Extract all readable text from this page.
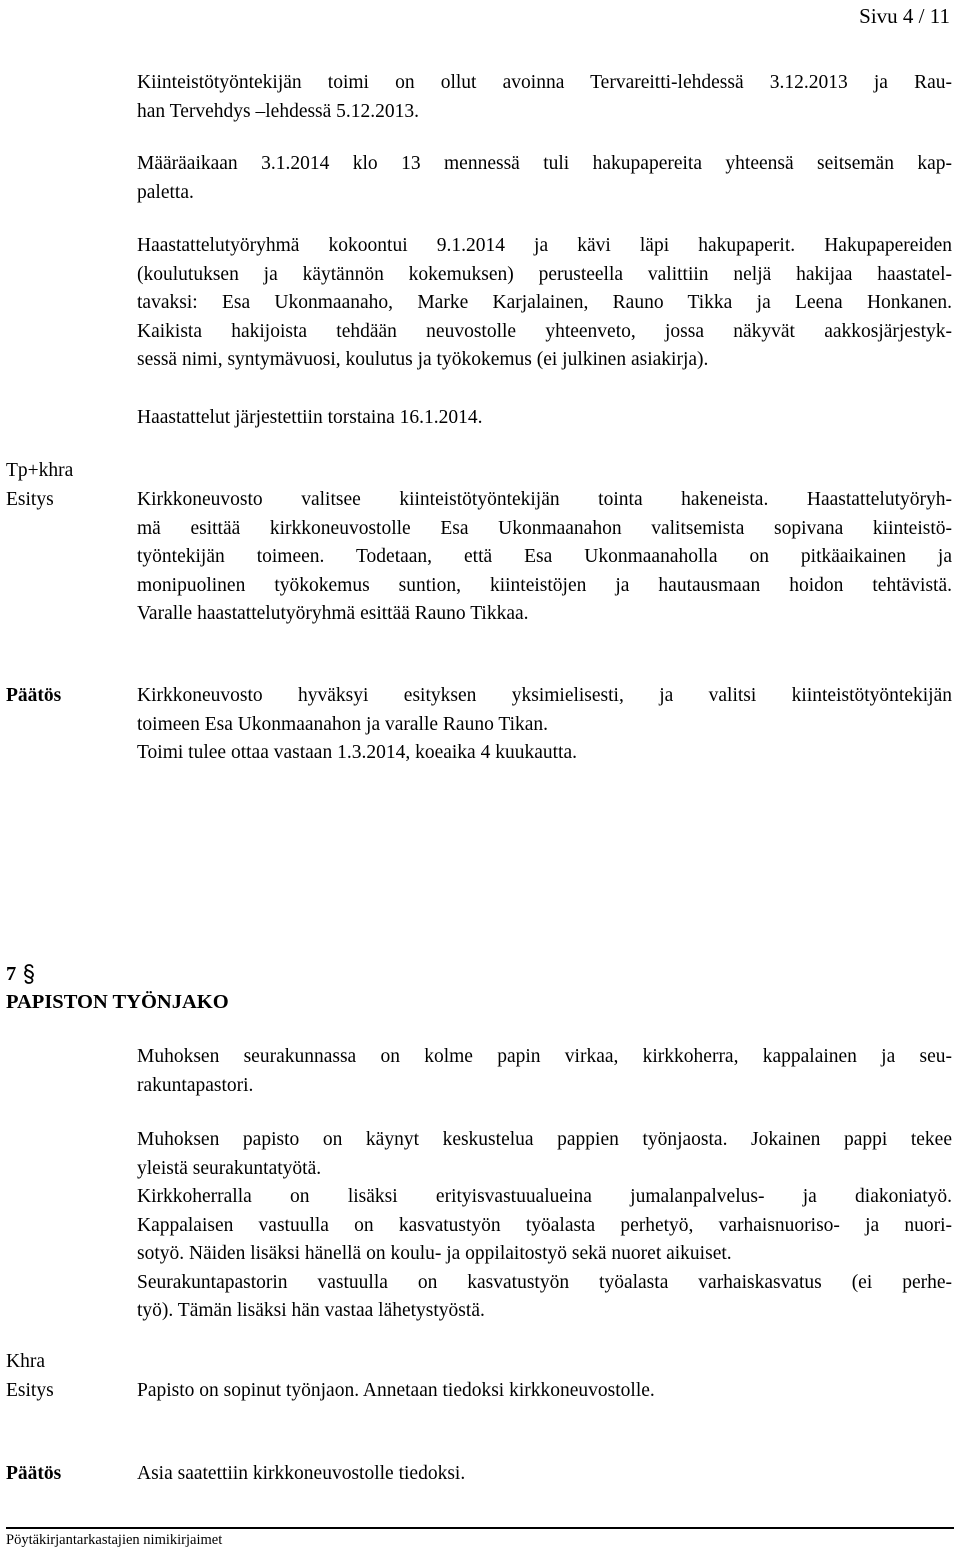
Sivu 4 / 11
Kiinteistötyöntekijän toimi on ollut avoinna Tervareitti-lehdessä 3.12.2013 ja Rau-
han Tervehdys –lehdessä 5.12.2013.
Määräaikaan 3.1.2014 klo 13 mennessä tuli hakupapereita yhteensä seitsemän kap-
paletta.
Haastattelutyöryhmä kokoontui 9.1.2014 ja kävi läpi hakupaperit. Hakupapereiden
(koulutuksen ja käytännön kokemuksen) perusteella valittiin neljä hakijaa haastatel-
tavaksi: Esa Ukonmaanaho, Marke Karjalainen, Rauno Tikka ja Leena Honkanen.
Kaikista hakijoista tehdään neuvostolle yhteenveto, jossa näkyvät aakkosjärjestyk-
sessä nimi, syntymävuosi, koulutus ja työkokemus (ei julkinen asiakirja).
Haastattelut järjestettiin torstaina 16.1.2014.
Tp+khra
Esitys	Kirkkoneuvosto valitsee kiinteistötyöntekijän tointa hakeneista. Haastattelutyöryh-
mä esittää kirkkoneuvostolle Esa Ukonmaanahon valitsemista sopivana kiinteistö-
työntekijän toimeen. Todetaan, että Esa Ukonmaanaholla on pitkäaikainen ja
monipuolinen työkokemus suntion, kiinteistöjen ja hautausmaan hoidon tehtävistä.
Varalle haastattelutyöryhmä esittää Rauno Tikkaa.
Päätös	Kirkkoneuvosto hyväksyi esityksen yksimielisesti, ja valitsi kiinteistötyöntekijän
toimeen Esa Ukonmaanahon ja varalle Rauno Tikan.
Toimi tulee ottaa vastaan 1.3.2014, koeaika 4 kuukautta.
7
PAPISTON TYÖNJAKO
Muhoksen seurakunnassa on kolme papin virkaa, kirkkoherra, kappalainen ja seu-
rakuntapastori.
Muhoksen papisto on käynyt keskustelua pappien työnjaosta. Jokainen pappi tekee
yleistä seurakuntatyötä.
Kirkkoherralla on lisäksi erityisvastuualueina jumalanpalvelus- ja diakoniatyö.
Kappalaisen vastuulla on kasvatustyön työalasta perhetyö, varhaisnuoriso- ja nuori-
sotyö. Näiden lisäksi hänellä on koulu- ja oppilaitostyö sekä nuoret aikuiset.
Seurakuntapastorin vastuulla on kasvatustyön työalasta varhaiskasvatus (ei perhe-
työ). Tämän lisäksi hän vastaa lähetystyöstä.
Khra
Esitys	Papisto on sopinut työnjaon. Annetaan tiedoksi kirkkoneuvostolle.
Päätös	Asia saatettiin kirkkoneuvostolle tiedoksi.
Pöytäkirjantarkastajien nimikirjaimet
